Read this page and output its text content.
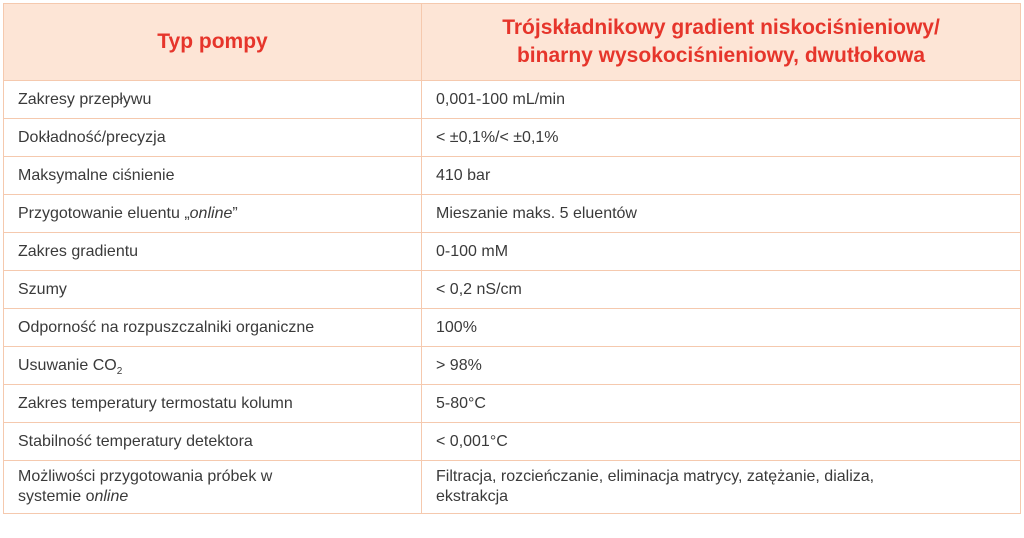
Typ pompy	Trójskładnikowy gradient niskociśnieniowy/
binarny wysokociśnieniowy, dwutłokowa
Zakresy przepływu	0,001-100 mL/min
Dokładność/precyzja	< ±0,1%/< ±0,1%
Maksymalne ciśnienie	410 bar
Przygotowanie eluentu „online”	Mieszanie maks. 5 eluentów
Zakres gradientu	0-100 mM
Szumy	< 0,2 nS/cm
Odporność na rozpuszczalniki organiczne	100%
Usuwanie $CO_2$	> 98%
Zakres temperatury termostatu kolumn	5-80°C
Stabilność temperatury detektora	< 0,001°C
Możliwości przygotowania próbek w
systemie online	Filtracja, rozcieńczanie, eliminacja matrycy, zatężanie, dializa,
ekstrakcja
